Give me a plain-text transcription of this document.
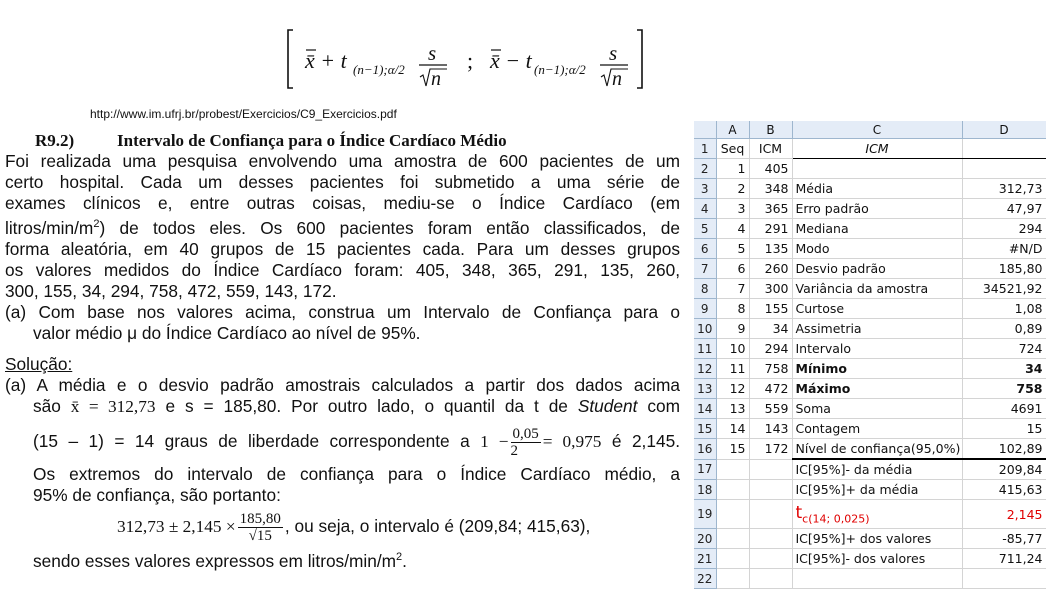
x̄ + t (n−1);α/2
s
n
; x̄ − t (n−1);α/2
s
n
http://www.im.ufrj.br/probest/Exercicios/C9_Exercicios.pdf

R9.2)	Intervalo de Confiança para o Índice Cardíaco Médio

Foi realizada uma pesquisa envolvendo uma amostra de 600 pacientes de um

certo hospital. Cada um desses pacientes foi submetido a uma série de

exames clínicos e, entre outras coisas, mediu-se o Índice Cardíaco (em

litros/$\min/m^2$) de todos eles. Os 600 pacientes foram então classificados, de

forma aleatória, em 40 grupos de 15 pacientes cada. Para um desses grupos

os valores medidos do Índice Cardíaco foram: 405, 348, 365, 291, 135, 260,

300, 155, 34, 294, 758, 472, 559, 143, 172.

(a) Com base nos valores acima, construa um Intervalo de Confiança para o

valor médio μ do Índice Cardíaco ao nível de 95%.

Solução:

(a) A média e o desvio padrão amostrais calculados a partir dos dados acima

são x̄ = 312,73 e s = 185,80. Por outro lado, o quantil da t de Student com

(15 – 1) = 14 graus de liberdade correspondente a $1 - \frac{0,05}{2} = 0,975$ é 2,145.

Os extremos do intervalo de confiança para o Índice Cardíaco médio, a

95% de confiança, são portanto:

$312,73 \pm 2,145 \times \frac{185,80}{√15}$ , ou seja, o intervalo é (209,84; 415,63),

sendo esses valores expressos em litros/$\min/m^2$.

	A	B	C	D
1	Seq	ICM	ICM	
2	1	405		
3	2	348	Média	312,73
4	3	365	Erro padrão	47,97
5	4	291	Mediana	294
6	5	135	Modo	#N/D
7	6	260	Desvio padrão	185,80
8	7	300	Variância da amostra	34521,92
9	8	155	Curtose	1,08
10	9	34	Assimetria	0,89
11	10	294	Intervalo	724
12	11	758	Mínimo	34
13	12	472	Máximo	758
14	13	559	Soma	4691
15	14	143	Contagem	15
16	15	172	Nível de confiança(95,0%)	102,89
17			IC[95%]- da média	209,84
18			IC[95%]+ da média	415,63
19			$t_{c(14; 0,025)}$	2,145
20			IC[95%]+ dos valores	-85,77
21			IC[95%]- dos valores	711,24
22				
